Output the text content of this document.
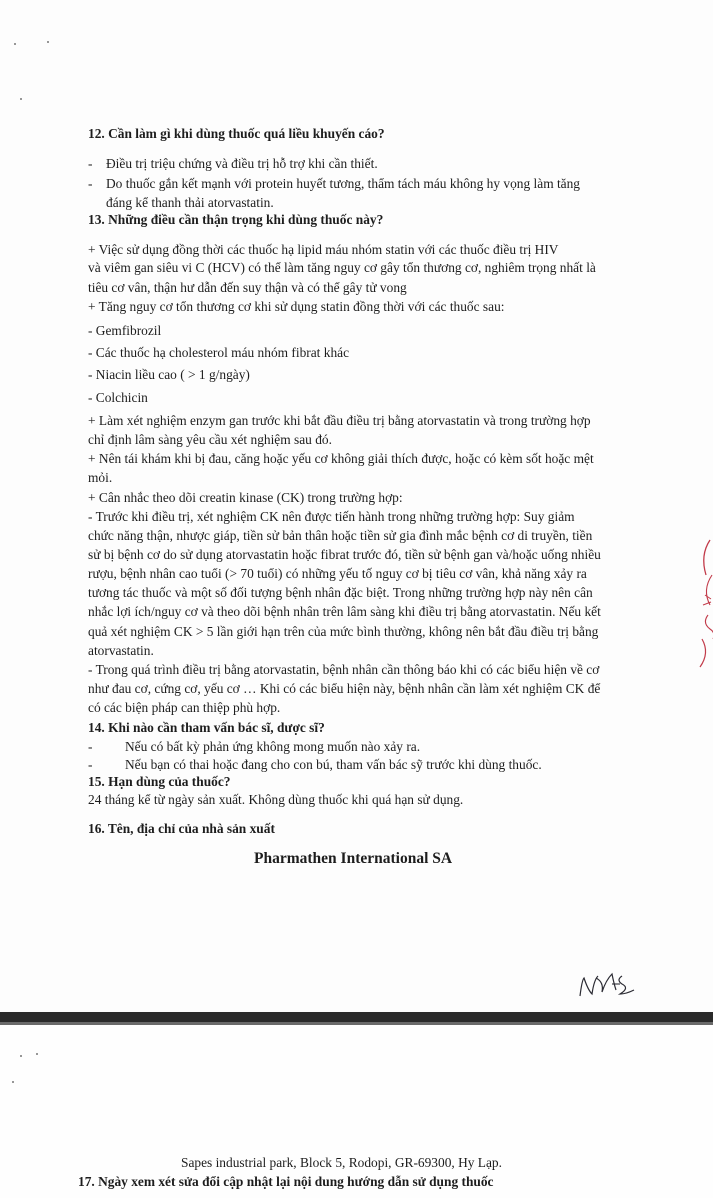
12. Cần làm gì khi dùng thuốc quá liều khuyến cáo?
- Điều trị triệu chứng và điều trị hỗ trợ khi cần thiết.
- Do thuốc gắn kết mạnh với protein huyết tương, thẩm tách máu không hy vọng làm tăng
đáng kể thanh thải atorvastatin.
13. Những điều cần thận trọng khi dùng thuốc này?
+ Việc sử dụng đồng thời các thuốc hạ lipid máu nhóm statin với các thuốc điều trị HIV
và viêm gan siêu vi C (HCV) có thể làm tăng nguy cơ gây tổn thương cơ, nghiêm trọng nhất là
tiêu cơ vân, thận hư dẫn đến suy thận và có thể gây tử vong
+ Tăng nguy cơ tổn thương cơ khi sử dụng statin đồng thời với các thuốc sau:
- Gemfibrozil
- Các thuốc hạ cholesterol máu nhóm fibrat khác
- Niacin liều cao ( > 1 g/ngày)
- Colchicin
+ Làm xét nghiệm enzym gan trước khi bắt đầu điều trị bằng atorvastatin và trong trường hợp
chỉ định lâm sàng yêu cầu xét nghiệm sau đó.
+ Nên tái khám khi bị đau, căng hoặc yếu cơ không giải thích được, hoặc có kèm sốt hoặc mệt
mỏi.
+ Cân nhắc theo dõi creatin kinase (CK) trong trường hợp:
- Trước khi điều trị, xét nghiệm CK nên được tiến hành trong những trường hợp: Suy giảm
chức năng thận, nhược giáp, tiền sử bản thân hoặc tiền sử gia đình mắc bệnh cơ di truyền, tiền
sử bị bệnh cơ do sử dụng atorvastatin hoặc fibrat trước đó, tiền sử bệnh gan và/hoặc uống nhiều
rượu, bệnh nhân cao tuổi (> 70 tuổi) có những yếu tố nguy cơ bị tiêu cơ vân, khả năng xảy ra
tương tác thuốc và một số đối tượng bệnh nhân đặc biệt. Trong những trường hợp này nên cân
nhắc lợi ích/nguy cơ và theo dõi bệnh nhân trên lâm sàng khi điều trị bằng atorvastatin. Nếu kết
quả xét nghiệm CK > 5 lần giới hạn trên của mức bình thường, không nên bắt đầu điều trị bằng
atorvastatin.
- Trong quá trình điều trị bằng atorvastatin, bệnh nhân cần thông báo khi có các biểu hiện về cơ
như đau cơ, cứng cơ, yếu cơ … Khi có các biểu hiện này, bệnh nhân cần làm xét nghiệm CK để
có các biện pháp can thiệp phù hợp.
14. Khi nào cần tham vấn bác sĩ, dược sĩ?
- Nếu có bất kỳ phản ứng không mong muốn nào xảy ra.
- Nếu bạn có thai hoặc đang cho con bú, tham vấn bác sỹ trước khi dùng thuốc.
15. Hạn dùng của thuốc?
24 tháng kể từ ngày sản xuất. Không dùng thuốc khi quá hạn sử dụng.
16. Tên, địa chỉ của nhà sản xuất
Pharmathen International SA
Sapes industrial park, Block 5, Rodopi, GR-69300, Hy Lạp.
17. Ngày xem xét sửa đổi cập nhật lại nội dung hướng dẫn sử dụng thuốc
